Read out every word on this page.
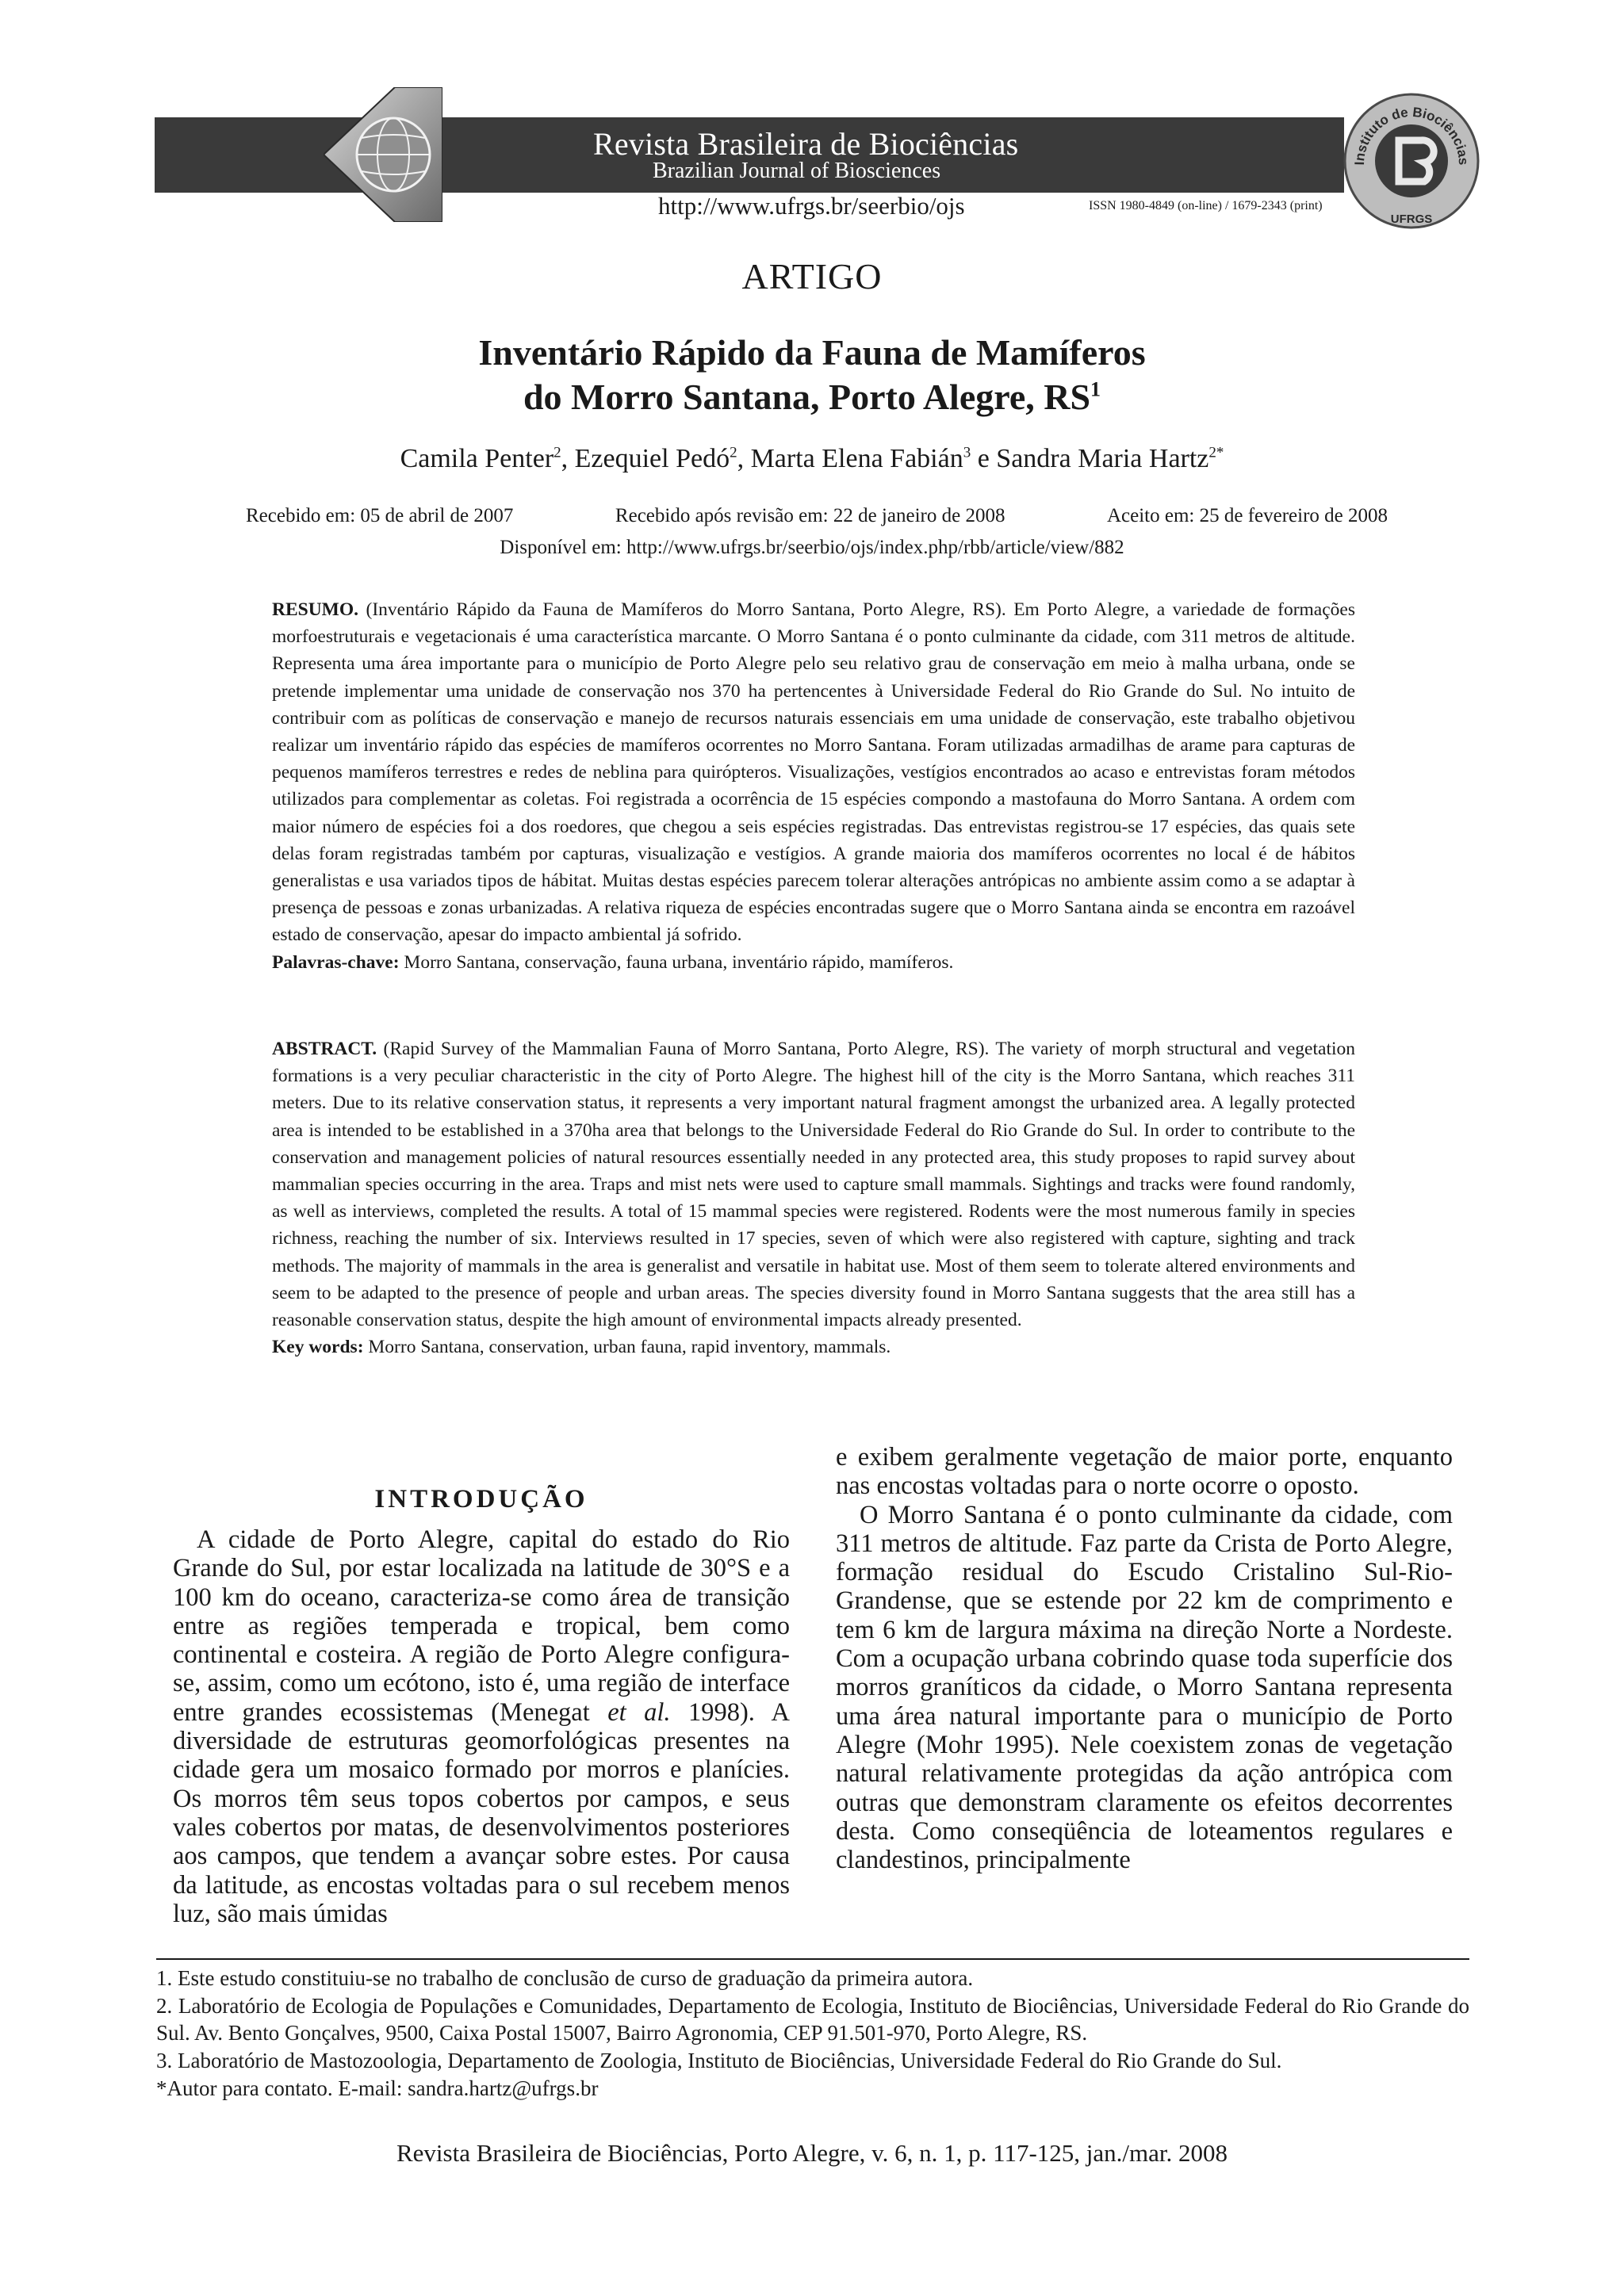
Revista Brasileira de Biociências
Brazilian Journal of Biosciences
http://www.ufrgs.br/seerbio/ojs	ISSN 1980-4849 (on-line) / 1679-2343 (print)
Instituto de Biociências
UFRGS
ARTIGO
Inventário Rápido da Fauna de Mamíferos
do Morro Santana, Porto Alegre, $RS^1$
Camila Penter$^2$, Ezequiel Pedó$^2$, Marta Elena Fabián$^3$ e Sandra Maria Hartz$^{2*}$
Recebido em: 05 de abril de 2007	Recebido após revisão em: 22 de janeiro de 2008	Aceito em: 25 de fevereiro de 2008
Disponível em: http://www.ufrgs.br/seerbio/ojs/index.php/rbb/article/view/882

RESUMO. (Inventário Rápido da Fauna de Mamíferos do Morro Santana, Porto Alegre, RS). Em Porto Alegre, a variedade de formações morfoestruturais e vegetacionais é uma característica marcante. O Morro Santana é o ponto culminante da cidade, com 311 metros de altitude. Representa uma área importante para o município de Porto Alegre pelo seu relativo grau de conservação em meio à malha urbana, onde se pretende implementar uma unidade de conservação nos 370 ha pertencentes à Universidade Federal do Rio Grande do Sul. No intuito de contribuir com as políticas de conservação e manejo de recursos naturais essenciais em uma unidade de conservação, este trabalho objetivou realizar um inventário rápido das espécies de mamíferos ocorrentes no Morro Santana. Foram utilizadas armadilhas de arame para capturas de pequenos mamíferos terrestres e redes de neblina para quirópteros. Visualizações, vestígios encontrados ao acaso e entrevistas foram métodos utilizados para complementar as coletas. Foi registrada a ocorrência de 15 espécies compondo a mastofauna do Morro Santana. A ordem com maior número de espécies foi a dos roedores, que chegou a seis espécies registradas. Das entrevistas registrou-se 17 espécies, das quais sete delas foram registradas também por capturas, visualização e vestígios. A grande maioria dos mamíferos ocorrentes no local é de hábitos generalistas e usa variados tipos de hábitat. Muitas destas espécies parecem tolerar alterações antrópicas no ambiente assim como a se adaptar à presença de pessoas e zonas urbanizadas. A relativa riqueza de espécies encontradas sugere que o Morro Santana ainda se encontra em razoável estado de conservação, apesar do impacto ambiental já sofrido.

Palavras-chave: Morro Santana, conservação, fauna urbana, inventário rápido, mamíferos.

ABSTRACT. (Rapid Survey of the Mammalian Fauna of Morro Santana, Porto Alegre, RS). The variety of morph structural and vegetation formations is a very peculiar characteristic in the city of Porto Alegre. The highest hill of the city is the Morro Santana, which reaches 311 meters. Due to its relative conservation status, it represents a very important natural fragment amongst the urbanized area. A legally protected area is intended to be established in a 370ha area that belongs to the Universidade Federal do Rio Grande do Sul. In order to contribute to the conservation and management policies of natural resources essentially needed in any protected area, this study proposes to rapid survey about mammalian species occurring in the area. Traps and mist nets were used to capture small mammals. Sightings and tracks were found randomly, as well as interviews, completed the results. A total of 15 mammal species were registered. Rodents were the most numerous family in species richness, reaching the number of six. Interviews resulted in 17 species, seven of which were also registered with capture, sighting and track methods. The majority of mammals in the area is generalist and versatile in habitat use. Most of them seem to tolerate altered environments and seem to be adapted to the presence of people and urban areas. The species diversity found in Morro Santana suggests that the area still has a reasonable conservation status, despite the high amount of environmental impacts already presented.

Key words: Morro Santana, conservation, urban fauna, rapid inventory, mammals.

INTRODUÇÃO

A cidade de Porto Alegre, capital do estado do Rio Grande do Sul, por estar localizada na latitude de 30°S e a 100 km do oceano, caracteriza-se como área de transição entre as regiões temperada e tropical, bem como continental e costeira. A região de Porto Alegre configura-se, assim, como um ecótono, isto é, uma região de interface entre grandes ecossistemas (Menegat et al. 1998). A diversidade de estruturas geomorfológicas presentes na cidade gera um mosaico formado por morros e planícies. Os morros têm seus topos cobertos por campos, e seus vales cobertos por matas, de desenvolvimentos posteriores aos campos, que tendem a avançar sobre estes. Por causa da latitude, as encostas voltadas para o sul recebem menos luz, são mais úmidas

e exibem geralmente vegetação de maior porte, enquanto nas encostas voltadas para o norte ocorre o oposto.

O Morro Santana é o ponto culminante da cidade, com 311 metros de altitude. Faz parte da Crista de Porto Alegre, formação residual do Escudo Cristalino Sul-Rio-Grandense, que se estende por 22 km de comprimento e tem 6 km de largura máxima na direção Norte a Nordeste. Com a ocupação urbana cobrindo quase toda superfície dos morros graníticos da cidade, o Morro Santana representa uma área natural importante para o município de Porto Alegre (Mohr 1995). Nele coexistem zonas de vegetação natural relativamente protegidas da ação antrópica com outras que demonstram claramente os efeitos decorrentes desta. Como conseqüência de loteamentos regulares e clandestinos, principalmente

1. Este estudo constituiu-se no trabalho de conclusão de curso de graduação da primeira autora.

2. Laboratório de Ecologia de Populações e Comunidades, Departamento de Ecologia, Instituto de Biociências, Universidade Federal do Rio Grande do Sul. Av. Bento Gonçalves, 9500, Caixa Postal 15007, Bairro Agronomia, CEP 91.501-970, Porto Alegre, RS.

3. Laboratório de Mastozoologia, Departamento de Zoologia, Instituto de Biociências, Universidade Federal do Rio Grande do Sul.

*Autor para contato. E-mail: sandra.hartz@ufrgs.br

Revista Brasileira de Biociências, Porto Alegre, v. 6, n. 1, p. 117-125, jan./mar. 2008
